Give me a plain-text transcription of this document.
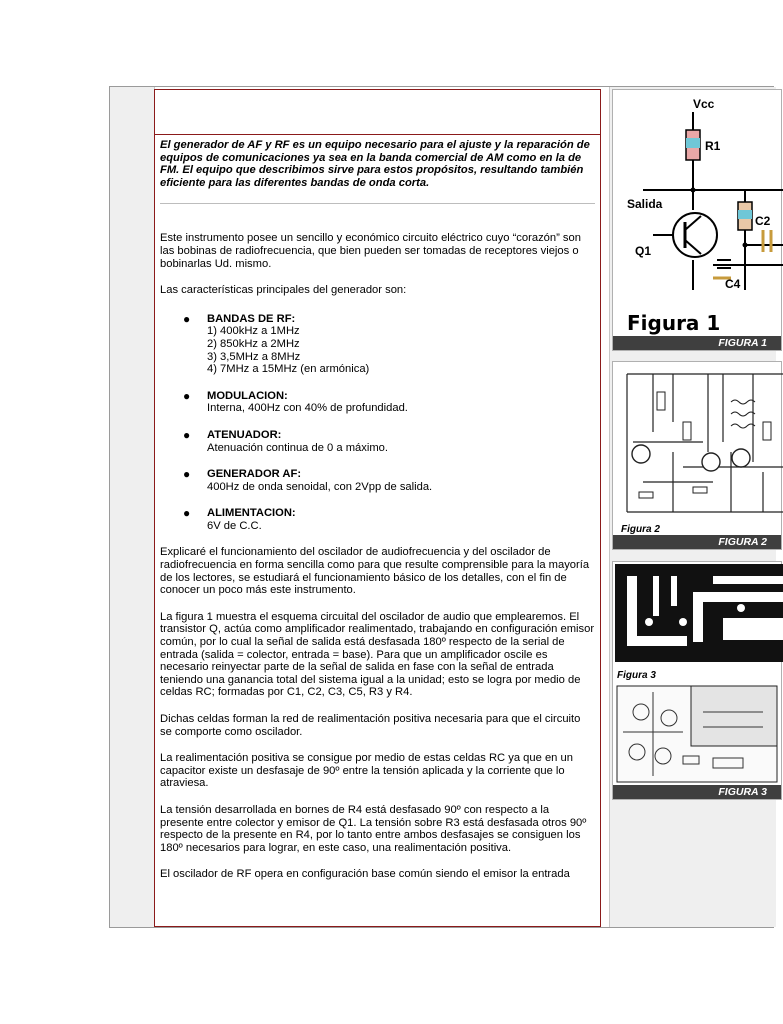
El generador de AF y RF es un equipo necesario para el ajuste y la reparación de equipos de comunicaciones ya sea en la banda comercial de AM como en la de FM. El equipo que describimos sirve para estos propósitos, resultando también eficiente para las diferentes bandas de onda corta.

Este instrumento posee un sencillo y económico circuito eléctrico cuyo “corazón” son las bobinas de radiofrecuencia, que bien pueden ser tomadas de receptores viejos o bobinarlas Ud. mismo.

Las características principales del generador son:

● BANDAS DE RF:
1) 400kHz a 1MHz
2) 850kHz a 2MHz
3) 3,5MHz a 8MHz
4) 7MHz a 15MHz (en armónica)
● MODULACION:
Interna, 400Hz con 40% de profundidad.
● ATENUADOR:
Atenuación continua de 0 a máximo.
● GENERADOR AF:
400Hz de onda senoidal, con 2Vpp de salida.
● ALIMENTACION:
6V de C.C.

Explicaré el funcionamiento del oscilador de audiofrecuencia y del oscilador de radiofrecuencia en forma sencilla como para que resulte comprensible para la mayoría de los lectores, se estudiará el funcionamiento básico de los detalles, con el fin de conocer un poco más este instrumento.

La figura 1 muestra el esquema circuital del oscilador de audio que emplearemos. El transistor Q, actúa como amplificador realimentado, trabajando en configuración emisor común, por lo cual la señal de salida está desfasada 180º respecto de la serial de entrada (salida = colector, entrada = base). Para que un amplificador oscile es necesario reinyectar parte de la señal de salida en fase con la señal de entrada teniendo una ganancia total del sistema igual a la unidad; esto se logra por medio de celdas RC; formadas por C1, C2, C3, C5, R3 y R4.

Dichas celdas forman la red de realimentación positiva necesaria para que el circuito se comporte como oscilador.

La realimentación positiva se consigue por medio de estas celdas RC ya que en un capacitor existe un desfasaje de 90º entre la tensión aplicada y la corriente que lo atraviesa.

La tensión desarrollada en bornes de R4 está desfasado 90º con respecto a la presente entre colector y emisor de Q1. La tensión sobre R3 está desfasada otros 90º respecto de la presente en R4, por lo tanto entre ambos desfasajes se consiguen los 180º necesarios para lograr, en este caso, una realimentación positiva.

El oscilador de RF opera en configuración base común siendo el emisor la entrada

Vcc
R1
Salida
Q1
C4
C2
Figura 1
FIGURA 1
Figura 2
FIGURA 2
Figura 3
FIGURA 3
